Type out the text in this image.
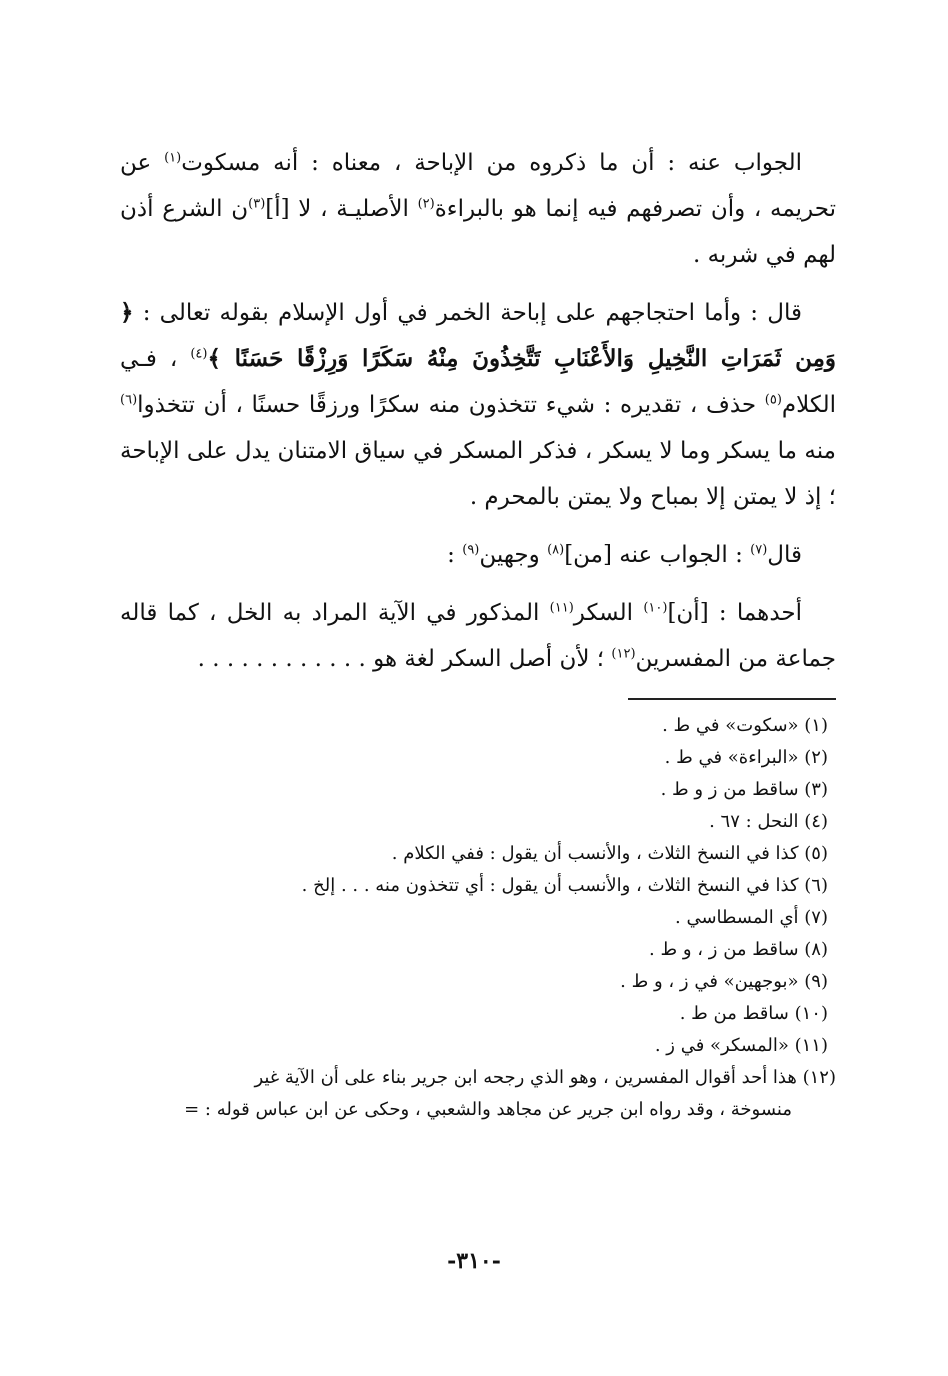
الجواب عنه : أن ما ذكروه من الإباحة ، معناه : أنه مسكوت$^{(١)}$ عن تحريمه ، وأن تصرفهم فيه إنما هو بالبراءة$^{(٢)}$ الأصليـة ، لا [أ]$^{(٣)}$ن الشرع أذن لهم في شربه .

قال : وأما احتجاجهم على إباحة الخمر في أول الإسلام بقوله تعالى : ﴿ وَمِن ثَمَرَاتِ النَّخِيلِ وَالأَعْنَابِ تَتَّخِذُونَ مِنْهُ سَكَرًا وَرِزْقًا حَسَنًا ﴾$^{(٤)}$ ، فـي الكلام$^{(٥)}$ حذف ، تقديره : شيء تتخذون منه سكرًا ورزقًا حسنًا ، أن تتخذوا$^{(٦)}$ منه ما يسكر وما لا يسكر ، فذكر المسكر في سياق الامتنان يدل على الإباحة ؛ إذ لا يمتن إلا بمباح ولا يمتن بالمحرم .

قال$^{(٧)}$ : الجواب عنه [من]$^{(٨)}$ وجهين$^{(٩)}$ :

أحدهما : [أن]$^{(١٠)}$ السكر$^{(١١)}$ المذكور في الآية المراد به الخل ، كما قاله جماعة من المفسرين$^{(١٢)}$ ؛ لأن أصل السكر لغة هو . . . . . . . . . . . .

(١) «سكوت» في ط .

(٢) «البراءة» في ط .

(٣) ساقط من ز و ط .

(٤) النحل : ٦٧ .

(٥) كذا في النسخ الثلاث ، والأنسب أن يقول : ففي الكلام .

(٦) كذا في النسخ الثلاث ، والأنسب أن يقول : أي تتخذون منه . . . إلخ .

(٧) أي المسطاسي .

(٨) ساقط من ز ، و ط .

(٩) «بوجهين» في ز ، و ط .

(١٠) ساقط من ط .

(١١) «المسكر» في ز .

(١٢) هذا أحد أقوال المفسرين ، وهو الذي رجحه ابن جرير بناء على أن الآية غير
منسوخة ، وقد رواه ابن جرير عن مجاهد والشعبي ، وحكى عن ابن عباس قوله : =

-٣١٠-
